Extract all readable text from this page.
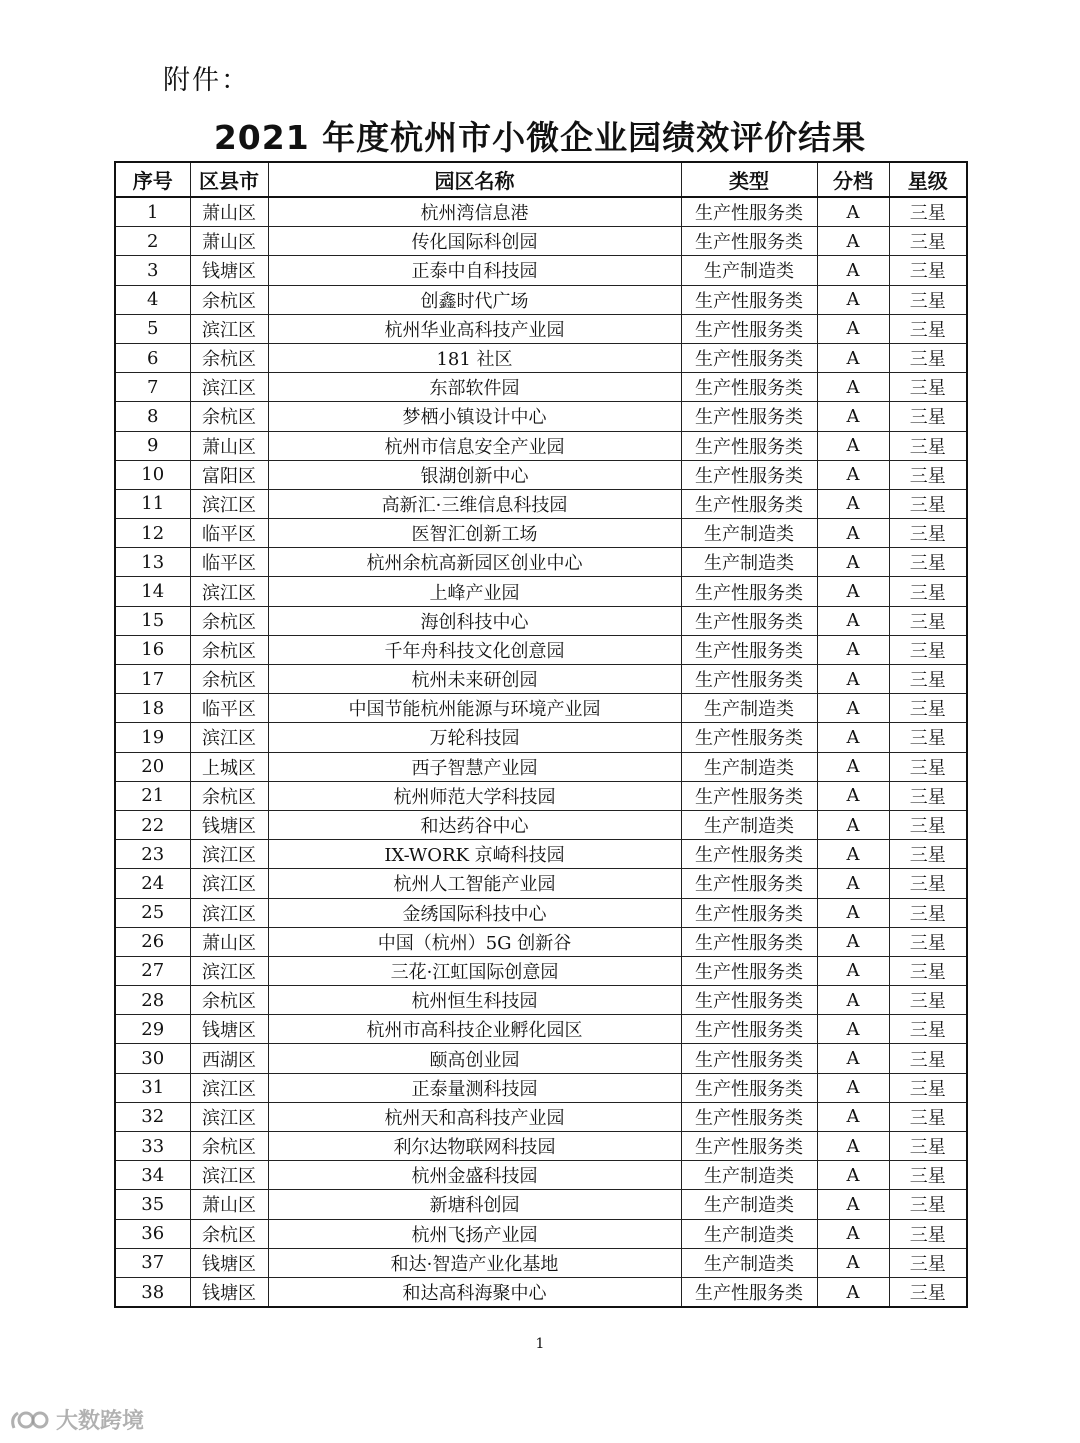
附件：
2021 年度杭州市小微企业园绩效评价结果
序号	区县市	园区名称	类型	分档	星级
1	萧山区	杭州湾信息港	生产性服务类	A	三星
2	萧山区	传化国际科创园	生产性服务类	A	三星
3	钱塘区	正泰中自科技园	生产制造类	A	三星
4	余杭区	创鑫时代广场	生产性服务类	A	三星
5	滨江区	杭州华业高科技产业园	生产性服务类	A	三星
6	余杭区	181 社区	生产性服务类	A	三星
7	滨江区	东部软件园	生产性服务类	A	三星
8	余杭区	梦栖小镇设计中心	生产性服务类	A	三星
9	萧山区	杭州市信息安全产业园	生产性服务类	A	三星
10	富阳区	银湖创新中心	生产性服务类	A	三星
11	滨江区	高新汇·三维信息科技园	生产性服务类	A	三星
12	临平区	医智汇创新工场	生产制造类	A	三星
13	临平区	杭州余杭高新园区创业中心	生产制造类	A	三星
14	滨江区	上峰产业园	生产性服务类	A	三星
15	余杭区	海创科技中心	生产性服务类	A	三星
16	余杭区	千年舟科技文化创意园	生产性服务类	A	三星
17	余杭区	杭州未来研创园	生产性服务类	A	三星
18	临平区	中国节能杭州能源与环境产业园	生产制造类	A	三星
19	滨江区	万轮科技园	生产性服务类	A	三星
20	上城区	西子智慧产业园	生产制造类	A	三星
21	余杭区	杭州师范大学科技园	生产性服务类	A	三星
22	钱塘区	和达药谷中心	生产制造类	A	三星
23	滨江区	IX-WORK 京崎科技园	生产性服务类	A	三星
24	滨江区	杭州人工智能产业园	生产性服务类	A	三星
25	滨江区	金绣国际科技中心	生产性服务类	A	三星
26	萧山区	中国（杭州）5G 创新谷	生产性服务类	A	三星
27	滨江区	三花·江虹国际创意园	生产性服务类	A	三星
28	余杭区	杭州恒生科技园	生产性服务类	A	三星
29	钱塘区	杭州市高科技企业孵化园区	生产性服务类	A	三星
30	西湖区	颐高创业园	生产性服务类	A	三星
31	滨江区	正泰量测科技园	生产性服务类	A	三星
32	滨江区	杭州天和高科技产业园	生产性服务类	A	三星
33	余杭区	利尔达物联网科技园	生产性服务类	A	三星
34	滨江区	杭州金盛科技园	生产制造类	A	三星
35	萧山区	新塘科创园	生产制造类	A	三星
36	余杭区	杭州飞扬产业园	生产制造类	A	三星
37	钱塘区	和达·智造产业化基地	生产制造类	A	三星
38	钱塘区	和达高科海聚中心	生产性服务类	A	三星
1
大数跨境
